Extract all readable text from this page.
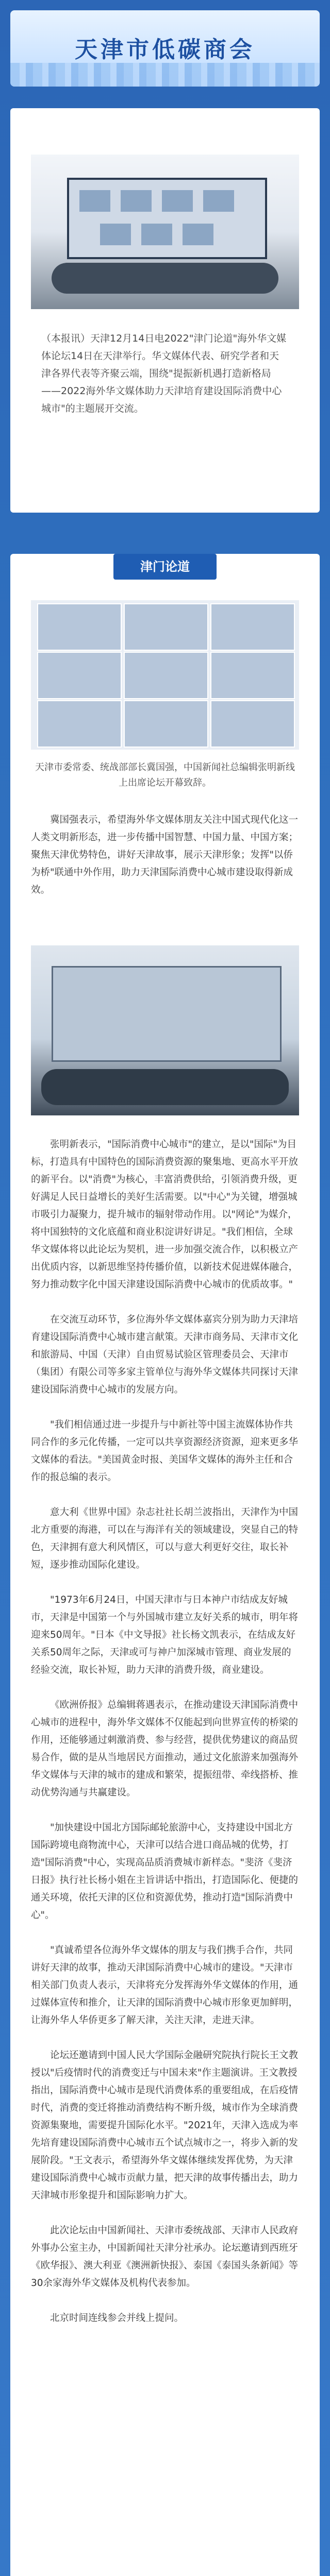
天津市低碳商会
（本报讯）天津12月14日电2022"津门论道"海外华文媒体论坛14日在天津举行。华文媒体代表、研究学者和天津各界代表等齐聚云端，围绕"提振新机遇打造新格局——2022海外华文媒体助力天津培育建设国际消费中心城市"的主题展开交流。
津门论道
天津市委常委、统战部部长冀国强，中国新闻社总编辑张明新线上出席论坛开幕致辞。

冀国强表示，希望海外华文媒体朋友关注中国式现代化这一人类文明新形态，进一步传播中国智慧、中国力量、中国方案；聚焦天津优势特色，讲好天津故事，展示天津形象；发挥"以侨为桥"联通中外作用，助力天津国际消费中心城市建设取得新成效。

张明新表示，"国际消费中心城市"的建立，是以"国际"为目标，打造具有中国特色的国际消费资源的聚集地、更高水平开放的新平台。以"消费"为核心，丰富消费供给，引领消费升级，更好满足人民日益增长的美好生活需要。以"中心"为关键，增强城市吸引力凝聚力，提升城市的辐射带动作用。以"网论"为媒介，将中国独特的文化底蕴和商业积淀讲好讲足。"我们相信，全球华文媒体将以此论坛为契机，进一步加强交流合作，以积极立产出优质内容，以新思维坚持传播价值，以新技术促进媒体融合，努力推动数字化中国天津建设国际消费中心城市的优质故事。"

在交流互动环节，多位海外华文媒体嘉宾分别为助力天津培育建设国际消费中心城市建言献策。天津市商务局、天津市文化和旅游局、中国（天津）自由贸易试验区管理委员会、天津市（集团）有限公司等多家主管单位与海外华文媒体共同探讨天津建设国际消费中心城市的发展方向。

"我们相信通过进一步提升与中新社等中国主流媒体协作共同合作的多元化传播，一定可以共享资源经济资源，迎来更多华文媒体的看法。"美国黄金时报、美国华文媒体的海外主任和合作的报总编的表示。

意大利《世界中国》杂志社社长胡兰波指出，天津作为中国北方重要的海港，可以在与海洋有关的领域建设，突显自己的特色，天津拥有意大利风情区，可以与意大利更好交往，取长补短，逐步推动国际化建设。

"1973年6月24日，中国天津市与日本神户市结成友好城市，天津是中国第一个与外国城市建立友好关系的城市，明年将迎来50周年。"日本《中文导报》社长杨文凯表示，在结成友好关系50周年之际，天津或可与神户加深城市管理、商业发展的经验交流，取长补短，助力天津的消费升级，商业建设。

《欧洲侨报》总编辑蒋遇表示，在推动建设天津国际消费中心城市的进程中，海外华文媒体不仅能起到向世界宣传的桥梁的作用，还能够通过刺激消费、参与经营，提供优势建议的商品贸易合作，做的是从当地居民方面推动，通过文化旅游来加强海外华文媒体与天津的城市的建成和繁荣，提振纽带、牵线搭桥、推动优势沟通与共赢建设。

"加快建设中国北方国际邮轮旅游中心，支持建设中国北方国际跨境电商物流中心，天津可以结合进口商品城的优势，打造"国际消费"中心，实现高品质消费城市新样态。"斐济《斐济日报》执行社长杨小姐在主旨讲话中指出，打造国际化、便捷的通关环境，依托天津的区位和资源优势，推动打造"国际消费中心"。

"真诚希望各位海外华文媒体的朋友与我们携手合作，共同讲好天津的故事，推动天津国际消费中心城市的建设。"天津市相关部门负责人表示，天津将充分发挥海外华文媒体的作用，通过媒体宣传和推介，让天津的国际消费中心城市形象更加鲜明，让海外华人华侨更多了解天津，关注天津，走进天津。

论坛还邀请到中国人民大学国际金融研究院执行院长王文教授以"后疫情时代的消费变迁与中国未来"作主题演讲。王文教授指出，国际消费中心城市是现代消费体系的重要组成，在后疫情时代，消费的变迁将推动消费结构不断升级，城市作为全球消费资源集聚地，需要提升国际化水平。"2021年，天津入选成为率先培育建设国际消费中心城市五个试点城市之一，将步入新的发展阶段。"王文表示，希望海外华文媒体继续发挥优势，为天津建设国际消费中心城市贡献力量，把天津的故事传播出去，助力天津城市形象提升和国际影响力扩大。

此次论坛由中国新闻社、天津市委统战部、天津市人民政府外事办公室主办，中国新闻社天津分社承办。论坛邀请到西班牙《欧华报》、澳大利亚《澳洲新快报》、泰国《泰国头条新闻》等30余家海外华文媒体及机构代表参加。

北京时间连线参会并线上提问。
